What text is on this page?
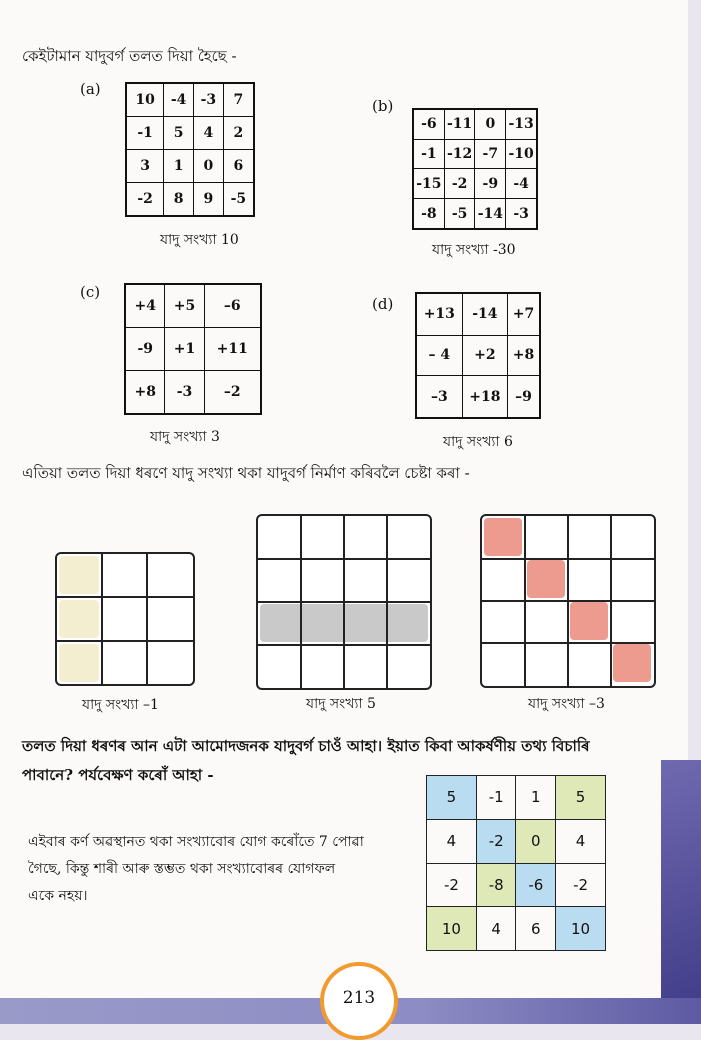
কেইটামান যাদুবৰ্গ তলত দিয়া হৈছে -
(a)
10	-4	-3	7
-1	5	4	2
3	1	0	6
-2	8	9	-5
যাদু সংখ্যা 10
(b)
-6	-11	0	-13
-1	-12	-7	-10
-15	-2	-9	-4
-8	-5	-14	-3
যাদু সংখ্যা -30
(c)
+4	+5	–6
-9	+1	+11
+8	-3	–2
যাদু সংখ্যা 3
(d)
+13	-14	+7
– 4	+2	+8
–3	+18	–9
যাদু সংখ্যা 6
এতিয়া তলত দিয়া ধৰণে যাদু সংখ্যা থকা যাদুবৰ্গ নিৰ্মাণ কৰিবলৈ চেষ্টা কৰা -
যাদু সংখ্যা –1	যাদু সংখ্যা 5	যাদু সংখ্যা –3
তলত দিয়া ধৰণৰ আন এটা আমোদজনক যাদুবৰ্গ চাওঁ আহা। ইয়াত কিবা আকৰ্ষণীয় তথ্য বিচাৰি
পাবানে? পৰ্যবেক্ষণ কৰোঁ আহা -
এইবাৰ কৰ্ণ অৱস্থানত থকা সংখ্যাবোৰ যোগ কৰোঁতে 7 পোৱা
গৈছে, কিন্তু শাৰী আৰু স্তম্ভত থকা সংখ্যাবোৰৰ যোগফল
একে নহয়।
5	-1	1	5
4	-2	0	4
-2	-8	-6	-2
10	4	6	10
213
